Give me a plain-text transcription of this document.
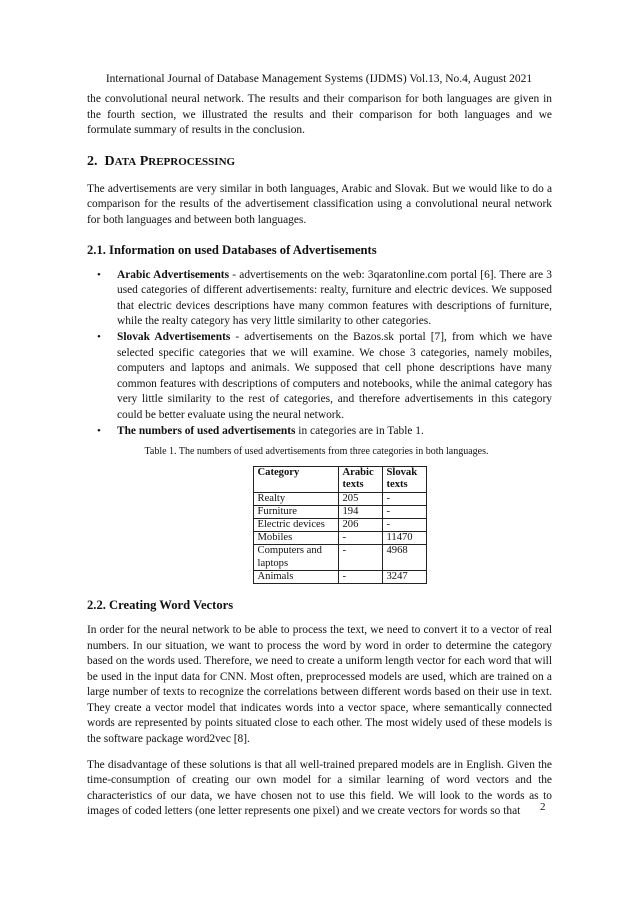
International Journal of Database Management Systems (IJDMS) Vol.13, No.4, August 2021

the convolutional neural network. The results and their comparison for both languages are given in the fourth section, we illustrated the results and their comparison for both languages and we formulate summary of results in the conclusion.

2. DATA PREPROCESSING

The advertisements are very similar in both languages, Arabic and Slovak. But we would like to do a comparison for the results of the advertisement classification using a convolutional neural network for both languages and between both languages.

2.1. Information on used Databases of Advertisements
• Arabic Advertisements - advertisements on the web: 3qaratonline.com portal [6]. There are 3 used categories of different advertisements: realty, furniture and electric devices. We supposed that electric devices descriptions have many common features with descriptions of furniture, while the realty category has very little similarity to other categories.
• Slovak Advertisements - advertisements on the Bazos.sk portal [7], from which we have selected specific categories that we will examine. We chose 3 categories, namely mobiles, computers and laptops and animals. We supposed that cell phone descriptions have many common features with descriptions of computers and notebooks, while the animal category has very little similarity to the rest of categories, and therefore advertisements in this category could be better evaluate using the neural network.
• The numbers of used advertisements in categories are in Table 1.
Table 1. The numbers of used advertisements from three categories in both languages.
Category	Arabic texts	Slovak texts
Realty	205	-
Furniture	194	-
Electric devices	206	-
Mobiles	-	11470
Computers and laptops	-	4968
Animals	-	3247
2.2. Creating Word Vectors

In order for the neural network to be able to process the text, we need to convert it to a vector of real numbers. In our situation, we want to process the word by word in order to determine the category based on the words used. Therefore, we need to create a uniform length vector for each word that will be used in the input data for CNN. Most often, preprocessed models are used, which are trained on a large number of texts to recognize the correlations between different words based on their use in text. They create a vector model that indicates words into a vector space, where semantically connected words are represented by points situated close to each other. The most widely used of these models is the software package word2vec [8].

The disadvantage of these solutions is that all well-trained prepared models are in English. Given the time-consumption of creating our own model for a similar learning of word vectors and the characteristics of our data, we have chosen not to use this field. We will look to the words as to images of coded letters (one letter represents one pixel) and we create vectors for words so that	2
